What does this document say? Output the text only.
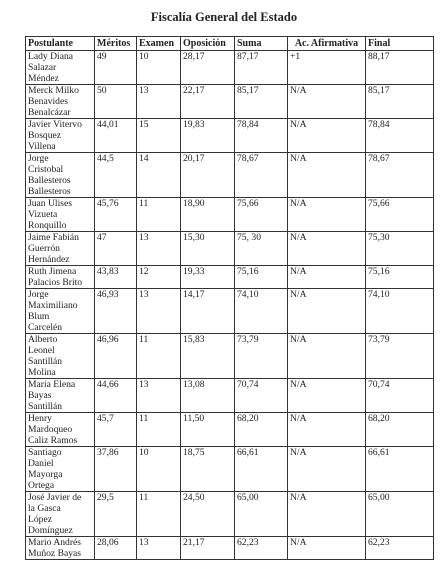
Fiscalía General del Estado
Postulante	Méritos	Examen	Oposición	Suma	Ac. Afirmativa	Final
Lady Diana
Salazar
Méndez	49	10	28,17	87,17	+1	88,17
Merck Milko
Benavides
Benalcázar	50	13	22,17	85,17	N/A	85,17
Javier Vitervo
Bosquez
Villena	44,01	15	19,83	78,84	N/A	78,84
Jorge
Cristobal
Ballesteros
Ballesteros	44,5	14	20,17	78,67	N/A	78,67
Juan Ulises
Vizueta
Ronquillo	45,76	11	18,90	75,66	N/A	75,66
Jaime Fabián
Guerrón
Hernández	47	13	15,30	75, 30	N/A	75,30
Ruth Jimena
Palacios Brito	43,83	12	19,33	75,16	N/A	75,16
Jorge
Maximiliano
Blum
Carcelén	46,93	13	14,17	74,10	N/A	74,10
Alberto
Leonel
Santillán
Molina	46,96	11	15,83	73,79	N/A	73,79
María Elena
Bayas
Santillán	44,66	13	13,08	70,74	N/A	70,74
Henry
Mardoqueo
Caliz Ramos	45,7	11	11,50	68,20	N/A	68,20
Santiago
Daniel
Mayorga
Ortega	37,86	10	18,75	66,61	N/A	66,61
José Javier de
la Gasca
López
Domínguez	29,5	11	24,50	65,00	N/A	65,00
Mario Andrés
Muñoz Bayas	28,06	13	21,17	62,23	N/A	62,23
